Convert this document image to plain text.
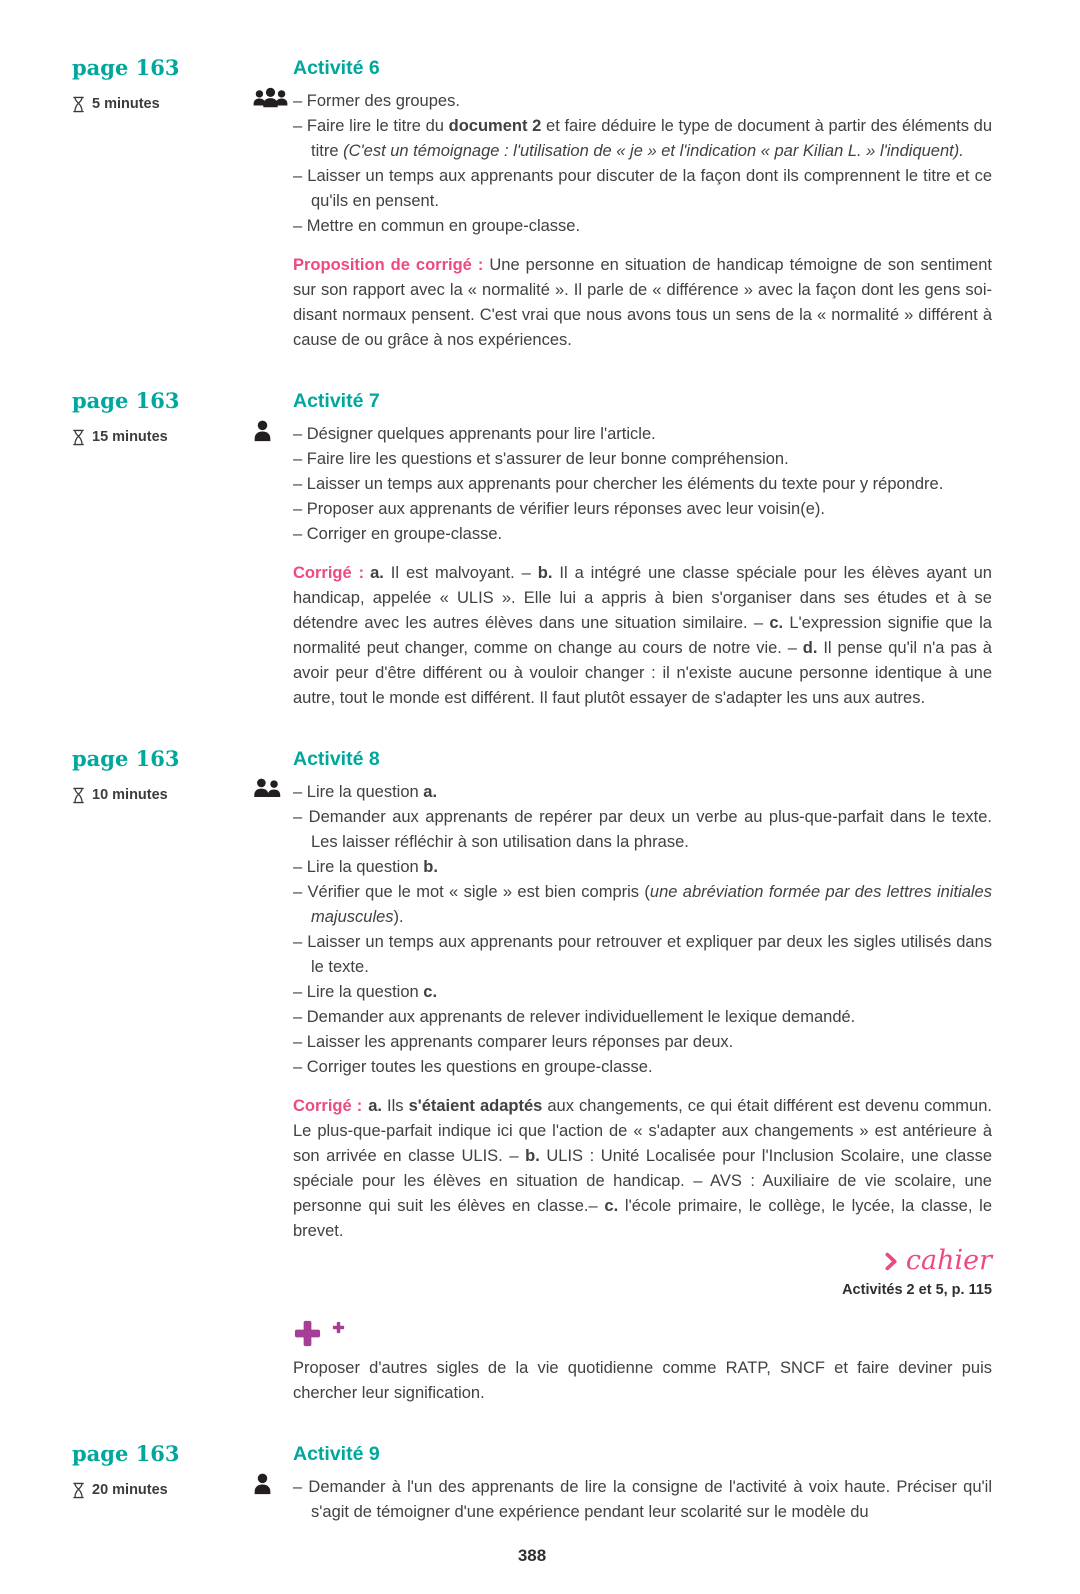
page 163
5 minutes
Activité 6
– Former des groupes.
– Faire lire le titre du document 2 et faire déduire le type de document à partir des éléments du titre (C'est un témoignage : l'utilisation de « je » et l'indication « par Kilian L. » l'indiquent).
– Laisser un temps aux apprenants pour discuter de la façon dont ils comprennent le titre et ce qu'ils en pensent.
– Mettre en commun en groupe-classe.

Proposition de corrigé : Une personne en situation de handicap témoigne de son sentiment sur son rapport avec la « normalité ». Il parle de « différence » avec la façon dont les gens soi-disant normaux pensent. C'est vrai que nous avons tous un sens de la « normalité » différent à cause de ou grâce à nos expériences.

page 163
15 minutes
Activité 7
– Désigner quelques apprenants pour lire l'article.
– Faire lire les questions et s'assurer de leur bonne compréhension.
– Laisser un temps aux apprenants pour chercher les éléments du texte pour y répondre.
– Proposer aux apprenants de vérifier leurs réponses avec leur voisin(e).
– Corriger en groupe-classe.

Corrigé : a. Il est malvoyant. – b. Il a intégré une classe spéciale pour les élèves ayant un handicap, appelée « ULIS ». Elle lui a appris à bien s'organiser dans ses études et à se détendre avec les autres élèves dans une situation similaire. – c. L'expression signifie que la normalité peut changer, comme on change au cours de notre vie. – d. Il pense qu'il n'a pas à avoir peur d'être différent ou à vouloir changer : il n'existe aucune personne identique à une autre, tout le monde est différent. Il faut plutôt essayer de s'adapter les uns aux autres.

page 163
10 minutes
Activité 8
– Lire la question a.
– Demander aux apprenants de repérer par deux un verbe au plus-que-parfait dans le texte. Les laisser réfléchir à son utilisation dans la phrase.
– Lire la question b.
– Vérifier que le mot « sigle » est bien compris (une abréviation formée par des lettres initiales majuscules).
– Laisser un temps aux apprenants pour retrouver et expliquer par deux les sigles utilisés dans le texte.
– Lire la question c.
– Demander aux apprenants de relever individuellement le lexique demandé.
– Laisser les apprenants comparer leurs réponses par deux.
– Corriger toutes les questions en groupe-classe.

Corrigé : a. Ils s'étaient adaptés aux changements, ce qui était différent est devenu commun. Le plus-que-parfait indique ici que l'action de « s'adapter aux changements » est antérieure à son arrivée en classe ULIS. – b. ULIS : Unité Localisée pour l'Inclusion Scolaire, une classe spéciale pour les élèves en situation de handicap. – AVS : Auxiliaire de vie scolaire, une personne qui suit les élèves en classe.– c. l'école primaire, le collège, le lycée, la classe, le brevet.

cahier
Activités 2 et 5, p. 115

Proposer d'autres sigles de la vie quotidienne comme RATP, SNCF et faire deviner puis chercher leur signification.

page 163
20 minutes
Activité 9
– Demander à l'un des apprenants de lire la consigne de l'activité à voix haute. Préciser qu'il s'agit de témoigner d'une expérience pendant leur scolarité sur le modèle du
388
